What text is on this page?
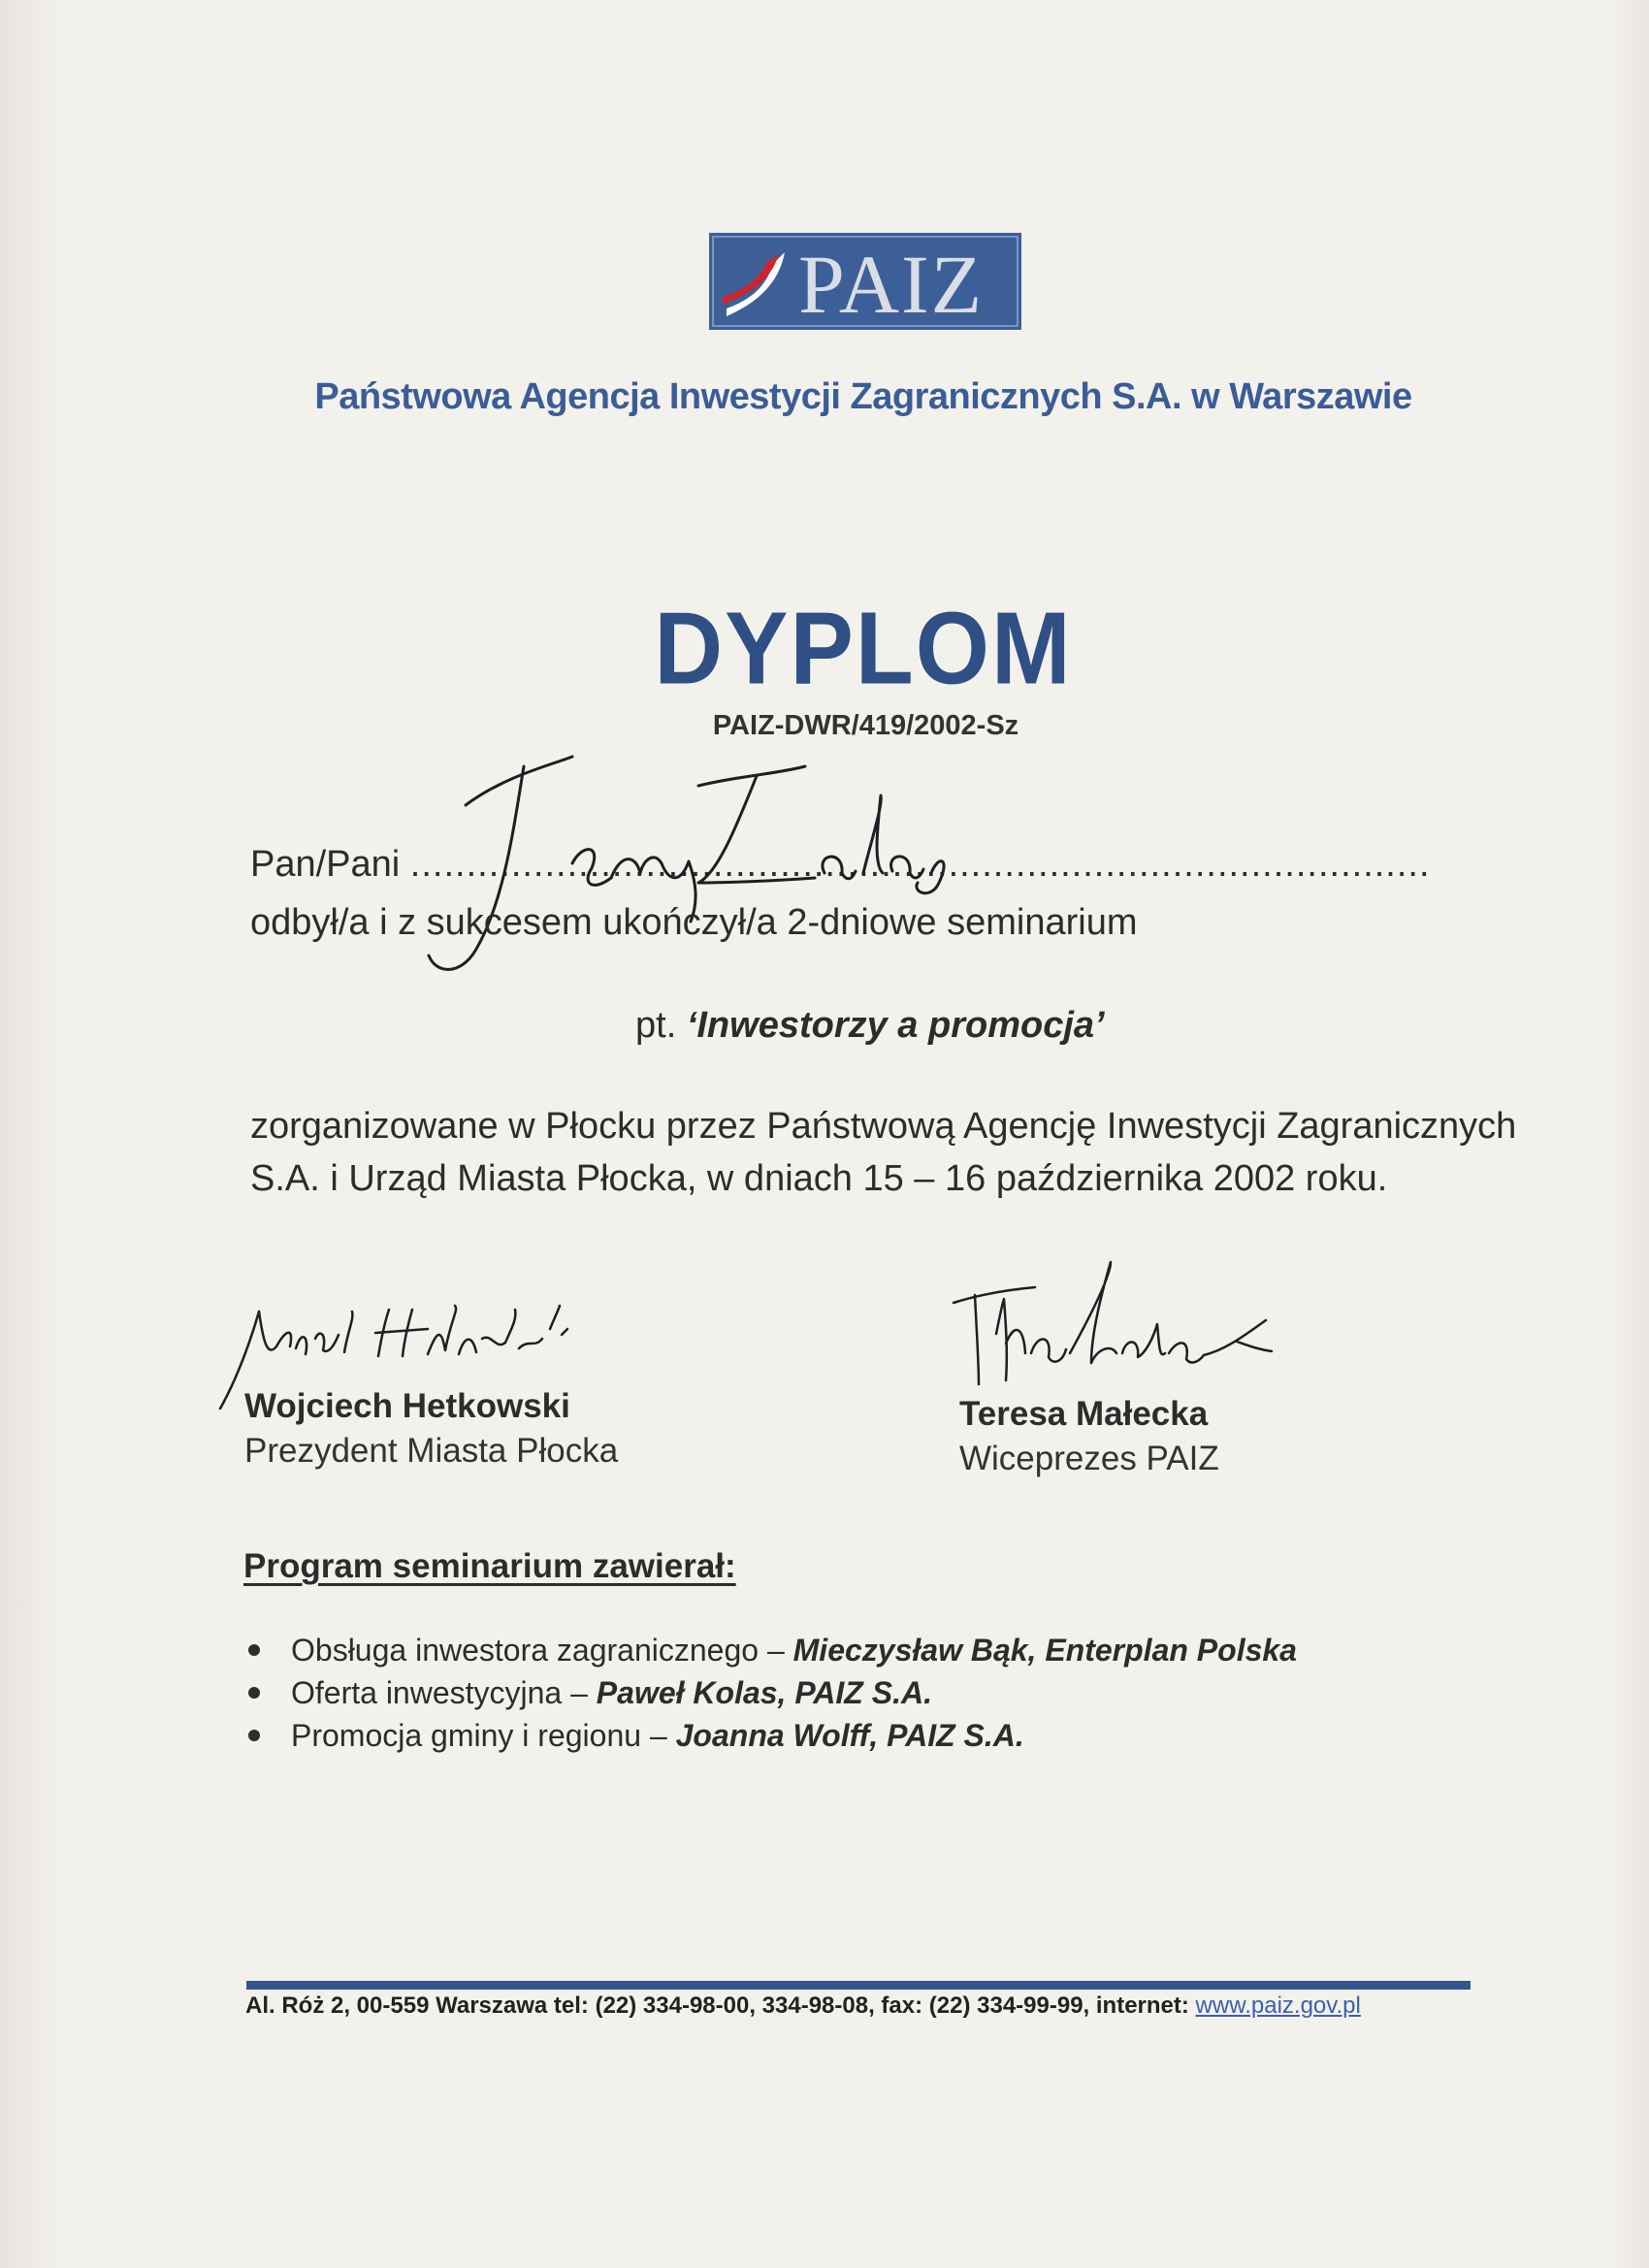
PAIZ
Państwowa Agencja Inwestycji Zagranicznych S.A. w Warszawie
DYPLOM
PAIZ-DWR/419/2002-Sz
Pan/Pani ...........................................................................................
odbył/a i z sukcesem ukończył/a 2-dniowe seminarium
pt. ‘Inwestorzy a promocja’
zorganizowane w Płocku przez Państwową Agencję Inwestycji Zagranicznych
S.A. i Urząd Miasta Płocka, w dniach 15 – 16 października 2002 roku.
Wojciech Hetkowski
Prezydent Miasta Płocka
Teresa Małecka
Wiceprezes PAIZ
Program seminarium zawierał:
Obsługa inwestora zagranicznego – Mieczysław Bąk, Enterplan Polska
Oferta inwestycyjna – Paweł Kolas, PAIZ S.A.
Promocja gminy i regionu – Joanna Wolff, PAIZ S.A.
Al. Róż 2, 00-559 Warszawa tel: (22) 334-98-00, 334-98-08, fax: (22) 334-99-99, internet: www.paiz.gov.pl
